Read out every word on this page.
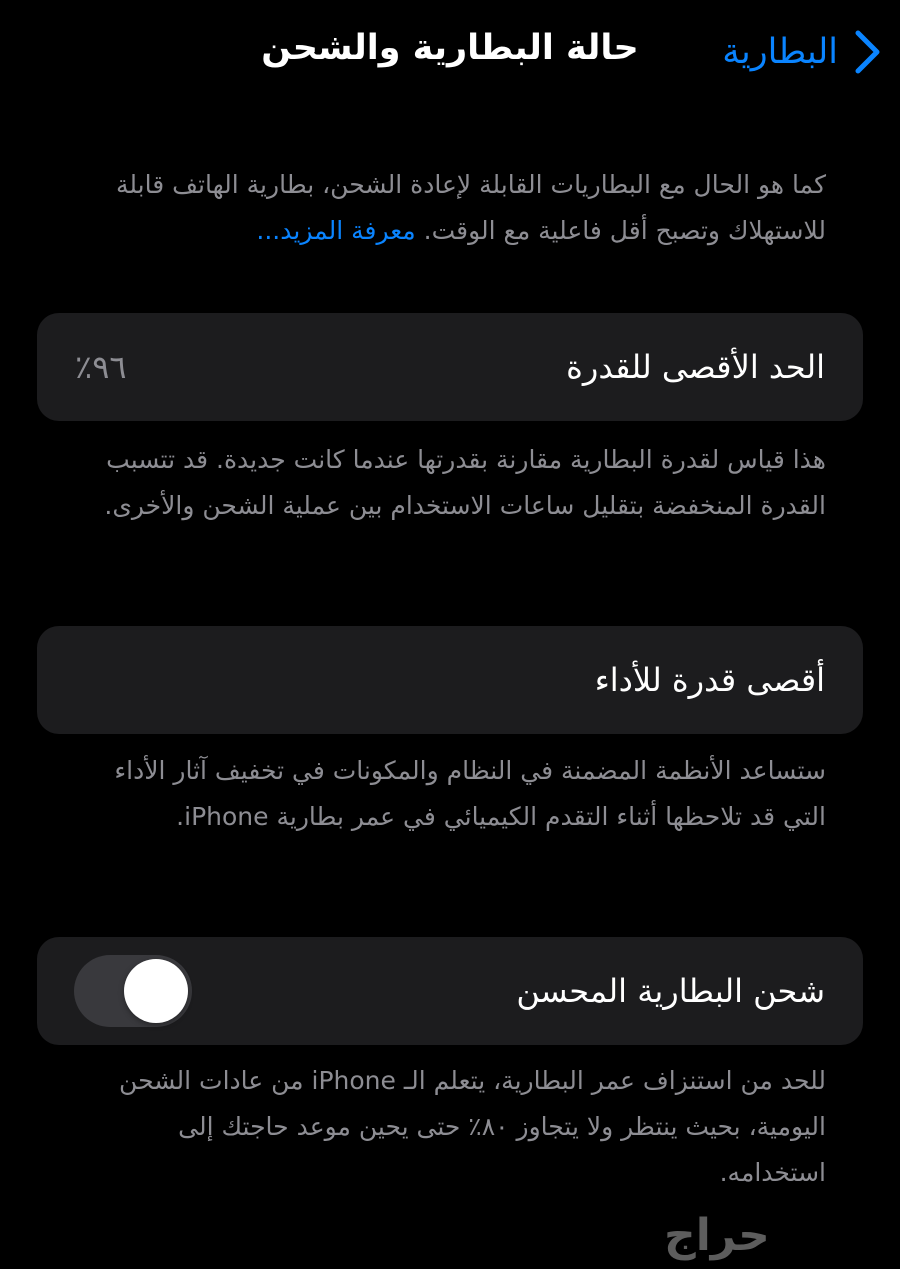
حالة البطارية والشحن	البطارية
كما هو الحال مع البطاريات القابلة لإعادة الشحن، بطارية الهاتف قابلة للاستهلاك وتصبح أقل فاعلية مع الوقت. معرفة المزيد...
الحد الأقصى للقدرة
٩٦٪
هذا قياس لقدرة البطارية مقارنة بقدرتها عندما كانت جديدة. قد تتسبب القدرة المنخفضة بتقليل ساعات الاستخدام بين عملية الشحن والأخرى.
أقصى قدرة للأداء
ستساعد الأنظمة المضمنة في النظام والمكونات في تخفيف آثار الأداء التي قد تلاحظها أثناء التقدم الكيميائي في عمر بطارية iPhone.
شحن البطارية المحسن
للحد من استنزاف عمر البطارية، يتعلم الـ iPhone من عادات الشحن اليومية، بحيث ينتظر ولا يتجاوز ٨٠٪ حتى يحين موعد حاجتك إلى استخدامه.
حراج
